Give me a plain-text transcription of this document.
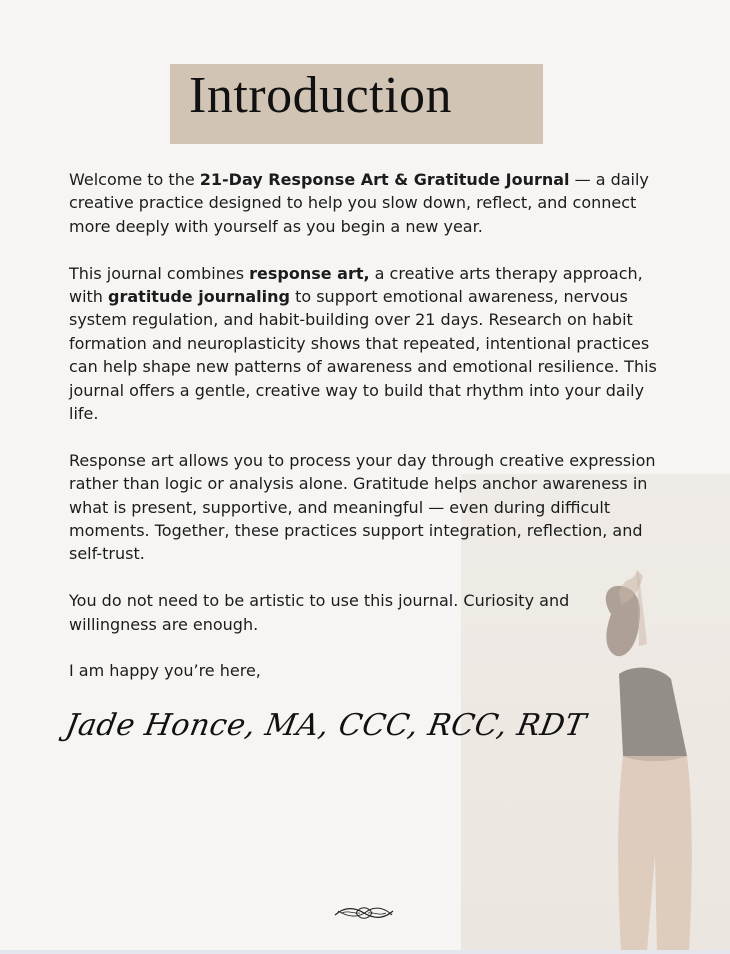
Introduction

Welcome to the 21-Day Response Art & Gratitude Journal — a daily creative practice designed to help you slow down, reflect, and connect more deeply with yourself as you begin a new year.

This journal combines response art, a creative arts therapy approach, with gratitude journaling to support emotional awareness, nervous system regulation, and habit-building over 21 days. Research on habit formation and neuroplasticity shows that repeated, intentional practices can help shape new patterns of awareness and emotional resilience. This journal offers a gentle, creative way to build that rhythm into your daily life.

Response art allows you to process your day through creative expression rather than logic or analysis alone. Gratitude helps anchor awareness in what is present, supportive, and meaningful — even during difficult moments. Together, these practices support integration, reflection, and self-trust.

You do not need to be artistic to use this journal. Curiosity and willingness are enough.

I am happy you’re here,

Jade Honce, MA, CCC, RCC, RDT
